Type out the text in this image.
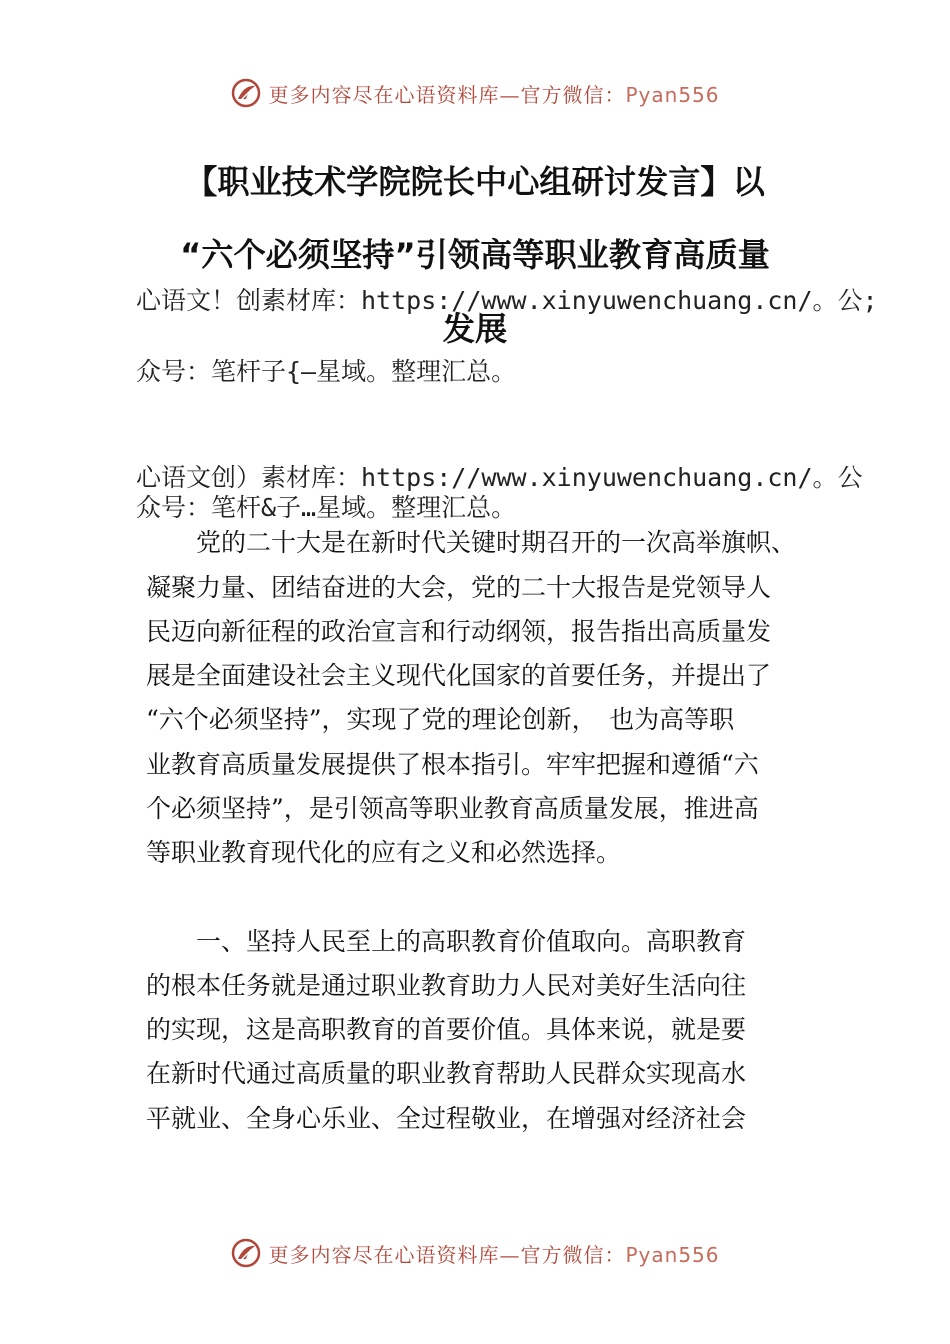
更多内容尽在心语资料库—官方微信：Pyan556
【职业技术学院院长中心组研讨发言】以
“六个必须坚持”引领高等职业教育高质量
心语文！创素材库：https://www.xinyuwenchuang.cn/。公;
发展
众号：笔杆子{—星域。整理汇总。
心语文创）素材库：https://www.xinyuwenchuang.cn/。公
众号：笔杆&子…星域。整理汇总。
　　党的二十大是在新时代关键时期召开的一次高举旗帜、
凝聚力量、团结奋进的大会，党的二十大报告是党领导人
民迈向新征程的政治宣言和行动纲领，报告指出高质量发
展是全面建设社会主义现代化国家的首要任务，并提出了
“六个必须坚持”，实现了党的理论创新，　也为高等职
业教育高质量发展提供了根本指引。牢牢把握和遵循“六
个必须坚持”，是引领高等职业教育高质量发展，推进高
等职业教育现代化的应有之义和必然选择。
　　一、坚持人民至上的高职教育价值取向。高职教育
的根本任务就是通过职业教育助力人民对美好生活向往
的实现，这是高职教育的首要价值。具体来说，就是要
在新时代通过高质量的职业教育帮助人民群众实现高水
平就业、全身心乐业、全过程敬业，在增强对经济社会
更多内容尽在心语资料库—官方微信：Pyan556
